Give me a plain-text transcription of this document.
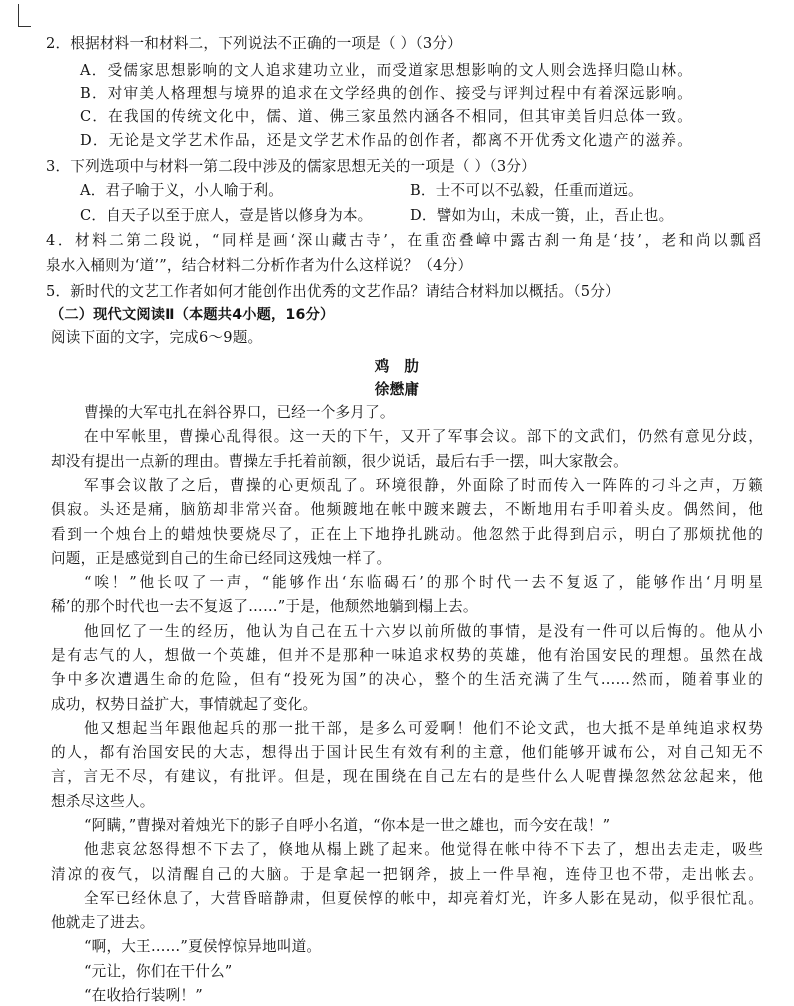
2．根据材料一和材料二，下列说法不正确的一项是（ ）（3分）
A．受儒家思想影响的文人追求建功立业，而受道家思想影响的文人则会选择归隐山林。
B．对审美人格理想与境界的追求在文学经典的创作、接受与评判过程中有着深远影响。
C．在我国的传统文化中，儒、道、佛三家虽然内涵各不相同，但其审美旨归总体一致。
D．无论是文学艺术作品，还是文学艺术作品的创作者，都离不开优秀文化遗产的滋养。
3．下列选项中与材料一第二段中涉及的儒家思想无关的一项是（ ）（3分）
A．君子喻于义，小人喻于利。	B．士不可以不弘毅，任重而道远。
C．自天子以至于庶人，壹是皆以修身为本。	D．譬如为山，未成一篑，止，吾止也。
4．材料二第二段说，“同样是画‘深山藏古寺’，在重峦叠嶂中露古刹一角是‘技’，老和尚以瓢舀
泉水入桶则为‘道’”，结合材料二分析作者为什么这样说？（4分）
5．新时代的文艺工作者如何才能创作出优秀的文艺作品？请结合材料加以概括。（5分）
（二）现代文阅读Ⅱ（本题共4小题，16分）
阅读下面的文字，完成6～9题。
鸡　肋
徐懋庸
曹操的大军屯扎在斜谷界口，已经一个多月了。
在中军帐里，曹操心乱得很。这一天的下午，又开了军事会议。部下的文武们，仍然有意见分歧，
却没有提出一点新的理由。曹操左手托着前额，很少说话，最后右手一摆，叫大家散会。
军事会议散了之后，曹操的心更烦乱了。环境很静，外面除了时而传入一阵阵的刁斗之声，万籁
俱寂。头还是痛，脑筋却非常兴奋。他频踱地在帐中踱来踱去，不断地用右手叩着头皮。偶然间，他
看到一个烛台上的蜡烛快要烧尽了，正在上下地挣扎跳动。他忽然于此得到启示，明白了那烦扰他的
问题，正是感觉到自己的生命已经同这残烛一样了。
“唉！”他长叹了一声，“能够作出‘东临碣石’的那个时代一去不复返了，能够作出‘月明星
稀’的那个时代也一去不复返了……”于是，他颓然地躺到榻上去。
他回忆了一生的经历，他认为自己在五十六岁以前所做的事情，是没有一件可以后悔的。他从小
是有志气的人，想做一个英雄，但并不是那种一味追求权势的英雄，他有治国安民的理想。虽然在战
争中多次遭遇生命的危险，但有“投死为国”的决心，整个的生活充满了生气……然而，随着事业的
成功，权势日益扩大，事情就起了变化。
他又想起当年跟他起兵的那一批干部，是多么可爱啊！他们不论文武，也大抵不是单纯追求权势
的人，都有治国安民的大志，想得出于国计民生有效有利的主意，他们能够开诚布公，对自己知无不
言，言无不尽，有建议，有批评。但是，现在围绕在自己左右的是些什么人呢曹操忽然忿忿起来，他
想杀尽这些人。
“阿瞒，”曹操对着烛光下的影子自呼小名道，“你本是一世之雄也，而今安在哉！”
他悲哀忿怒得想不下去了，倏地从榻上跳了起来。他觉得在帐中待不下去了，想出去走走，吸些
清凉的夜气，以清醒自己的大脑。于是拿起一把钢斧，披上一件旱袍，连侍卫也不带，走出帐去。
全军已经休息了，大营昏暗静肃，但夏侯惇的帐中，却亮着灯光，许多人影在晃动，似乎很忙乱。
他就走了进去。
“啊，大王……”夏侯惇惊异地叫道。
“元让，你们在干什么”
“在收拾行装咧！”
